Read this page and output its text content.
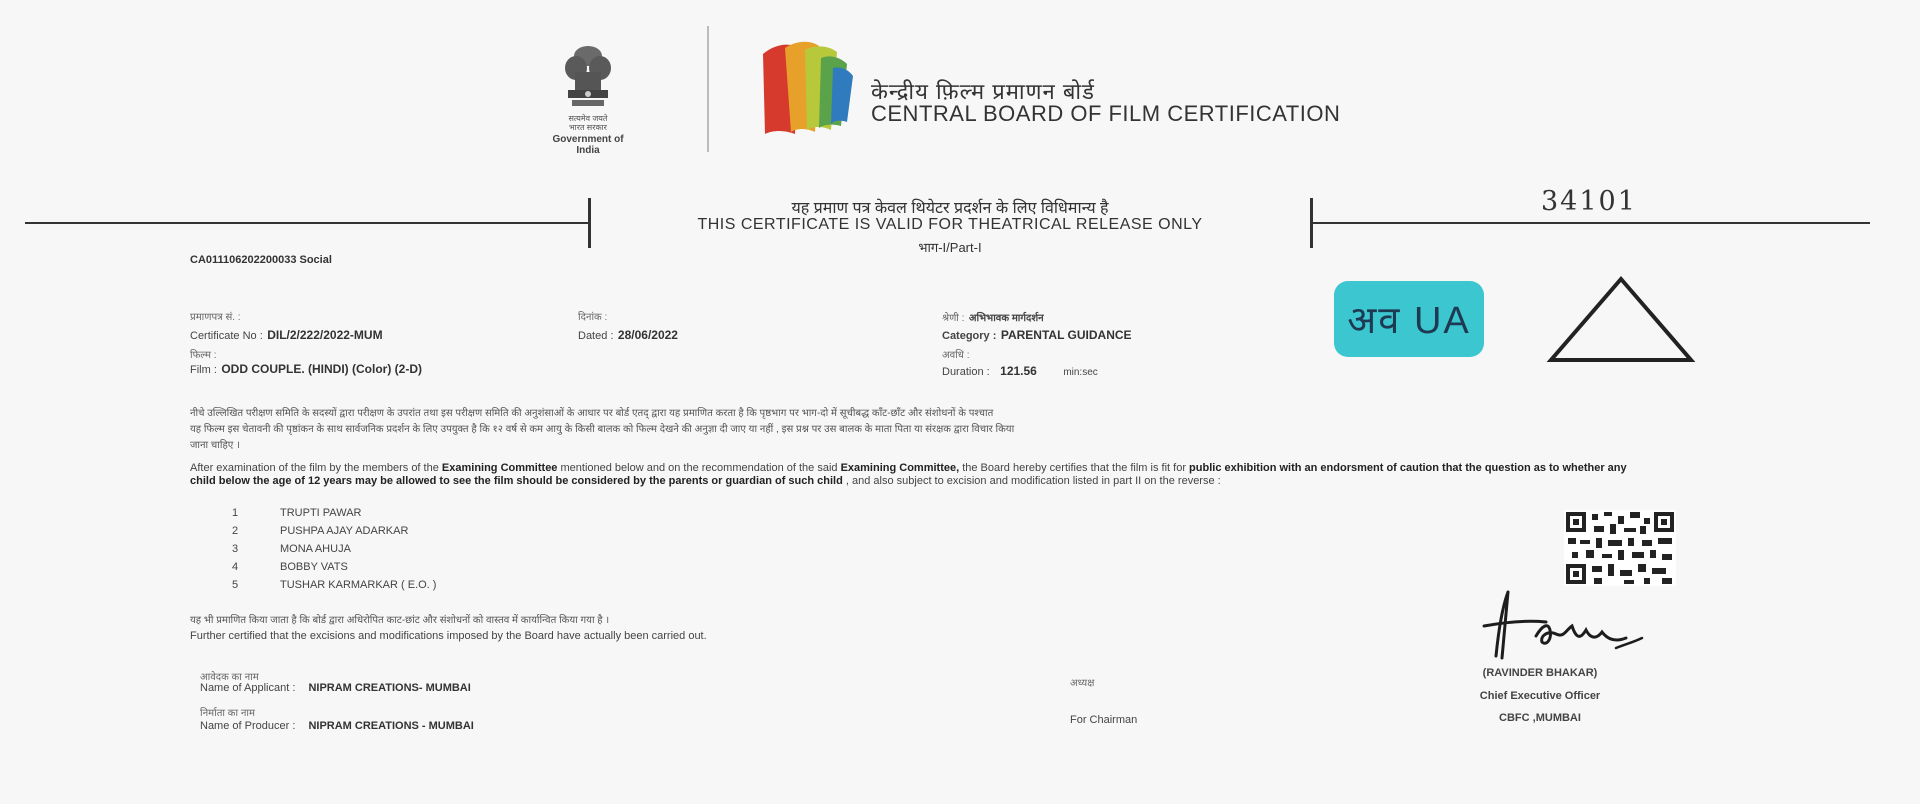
सत्यमेव जयते
भारत सरकार
Government of India
केन्द्रीय फ़िल्म प्रमाणन बोर्ड
CENTRAL BOARD OF FILM CERTIFICATION
यह प्रमाण पत्र केवल थियेटर प्रदर्शन के लिए विधिमान्य है
THIS CERTIFICATE IS VALID FOR THEATRICAL RELEASE ONLY
भाग-I/Part-I
34101
CA011106202200033 Social
प्रमाणपत्र सं. :
Certificate No : DIL/2/222/2022-MUM
फिल्म :
Film : ODD COUPLE. (HINDI) (Color) (2-D)
दिनांक :
Dated : 28/06/2022
श्रेणी : अभिभावक मार्गदर्शन
Category : PARENTAL GUIDANCE
अवधि :
Duration : 121.56	min:sec
अव UA
नीचे उल्लिखित परीक्षण समिति के सदस्यों द्वारा परीक्षण के उपरांत तथा इस परीक्षण समिति की अनुशंसाओं के आधार पर बोर्ड एतद् द्वारा यह प्रमाणित करता है कि पृष्ठभाग पर भाग-दो में सूचीबद्ध काँट-छाँट और संशोधनों के पश्चात
यह फिल्म इस चेतावनी की पृष्ठांकन के साथ सार्वजनिक प्रदर्शन के लिए उपयुक्त है कि १२ वर्ष से कम आयु के किसी बालक को फिल्म देखने की अनुज्ञा दी जाए या नहीं , इस प्रश्न पर उस बालक के माता पिता या संरक्षक द्वारा विचार किया
जाना चाहिए ।
After examination of the film by the members of the Examining Committee mentioned below and on the recommendation of the said Examining Committee, the Board hereby certifies that the film is fit for public exhibition with an endorsment of caution that the question as to whether any child below the age of 12 years may be allowed to see the film should be considered by the parents or guardian of such child , and also subject to excision and modification listed in part II on the reverse :
1	TRUPTI PAWAR
2	PUSHPA AJAY ADARKAR
3	MONA AHUJA
4	BOBBY VATS
5	TUSHAR KARMARKAR ( E.O. )
यह भी प्रमाणित किया जाता है कि बोर्ड द्वारा अधिरोपित काट-छांट और संशोधनों को वास्तव में कार्यान्वित किया गया है ।
Further certified that the excisions and modifications imposed by the Board have actually been carried out.
आवेदक का नाम
Name of Applicant : NIPRAM CREATIONS- MUMBAI
निर्माता का नाम
Name of Producer : NIPRAM CREATIONS - MUMBAI
अध्यक्ष
For Chairman
(RAVINDER BHAKAR)
Chief Executive Officer
CBFC ,MUMBAI
